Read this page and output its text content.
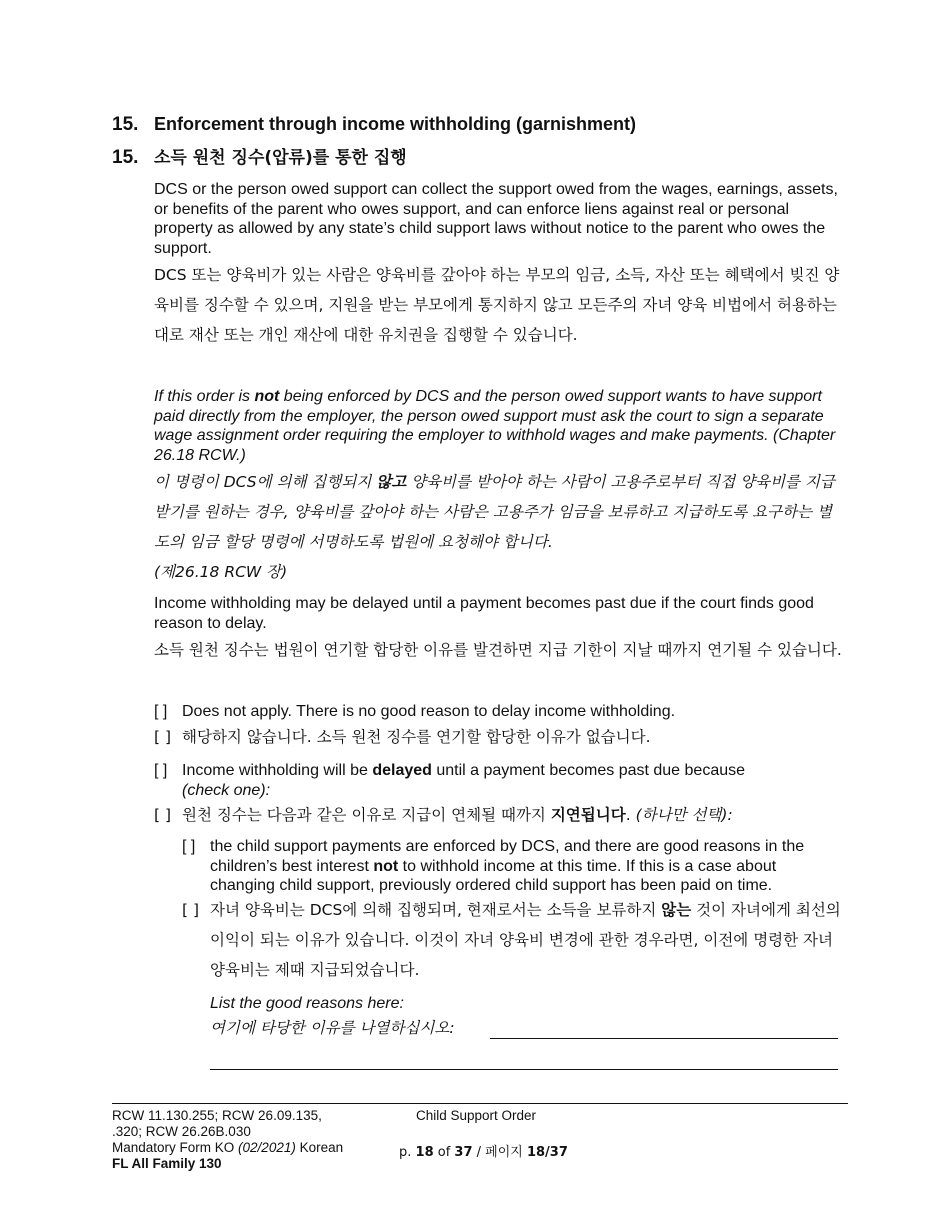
15. Enforcement through income withholding (garnishment)
15. 소득 원천 징수(압류)를 통한 집행
DCS or the person owed support can collect the support owed from the wages, earnings, assets, or benefits of the parent who owes support, and can enforce liens against real or personal property as allowed by any state’s child support laws without notice to the parent who owes the support.
DCS 또는 양육비가 있는 사람은 양육비를 갚아야 하는 부모의 임금, 소득, 자산 또는 혜택에서 빚진 양육비를 징수할 수 있으며, 지원을 받는 부모에게 통지하지 않고 모든주의 자녀 양육 비법에서 허용하는 대로 재산 또는 개인 재산에 대한 유치권을 집행할 수 있습니다.
If this order is not being enforced by DCS and the person owed support wants to have support paid directly from the employer, the person owed support must ask the court to sign a separate wage assignment order requiring the employer to withhold wages and make payments. (Chapter 26.18 RCW.)
이 명령이 DCS에 의해 집행되지 않고 양육비를 받아야 하는 사람이 고용주로부터 직접 양육비를 지급받기를 원하는 경우, 양육비를 갚아야 하는 사람은 고용주가 임금을 보류하고 지급하도록 요구하는 별도의 임금 할당 명령에 서명하도록 법원에 요청해야 합니다.
(제26.18 RCW 장)
Income withholding may be delayed until a payment becomes past due if the court finds good reason to delay.
소득 원천 징수는 법원이 연기할 합당한 이유를 발견하면 지급 기한이 지날 때까지 연기될 수 있습니다.
[ ] Does not apply. There is no good reason to delay income withholding.
[ ] 해당하지 않습니다. 소득 원천 징수를 연기할 합당한 이유가 없습니다.
[ ] Income withholding will be delayed until a payment becomes past due because
(check one):
[ ] 원천 징수는 다음과 같은 이유로 지급이 연체될 때까지 지연됩니다. (하나만 선택):
[ ] the child support payments are enforced by DCS, and there are good reasons in the children’s best interest not to withhold income at this time. If this is a case about changing child support, previously ordered child support has been paid on time.
[ ] 자녀 양육비는 DCS에 의해 집행되며, 현재로서는 소득을 보류하지 않는 것이 자녀에게 최선의 이익이 되는 이유가 있습니다. 이것이 자녀 양육비 변경에 관한 경우라면, 이전에 명령한 자녀 양육비는 제때 지급되었습니다.
List the good reasons here:
여기에 타당한 이유를 나열하십시오:
RCW 11.130.255; RCW 26.09.135,
.320; RCW 26.26B.030
Mandatory Form KO (02/2021) Korean
FL All Family 130
Child Support Order
p. 18 of 37 / 페이지 18/37
